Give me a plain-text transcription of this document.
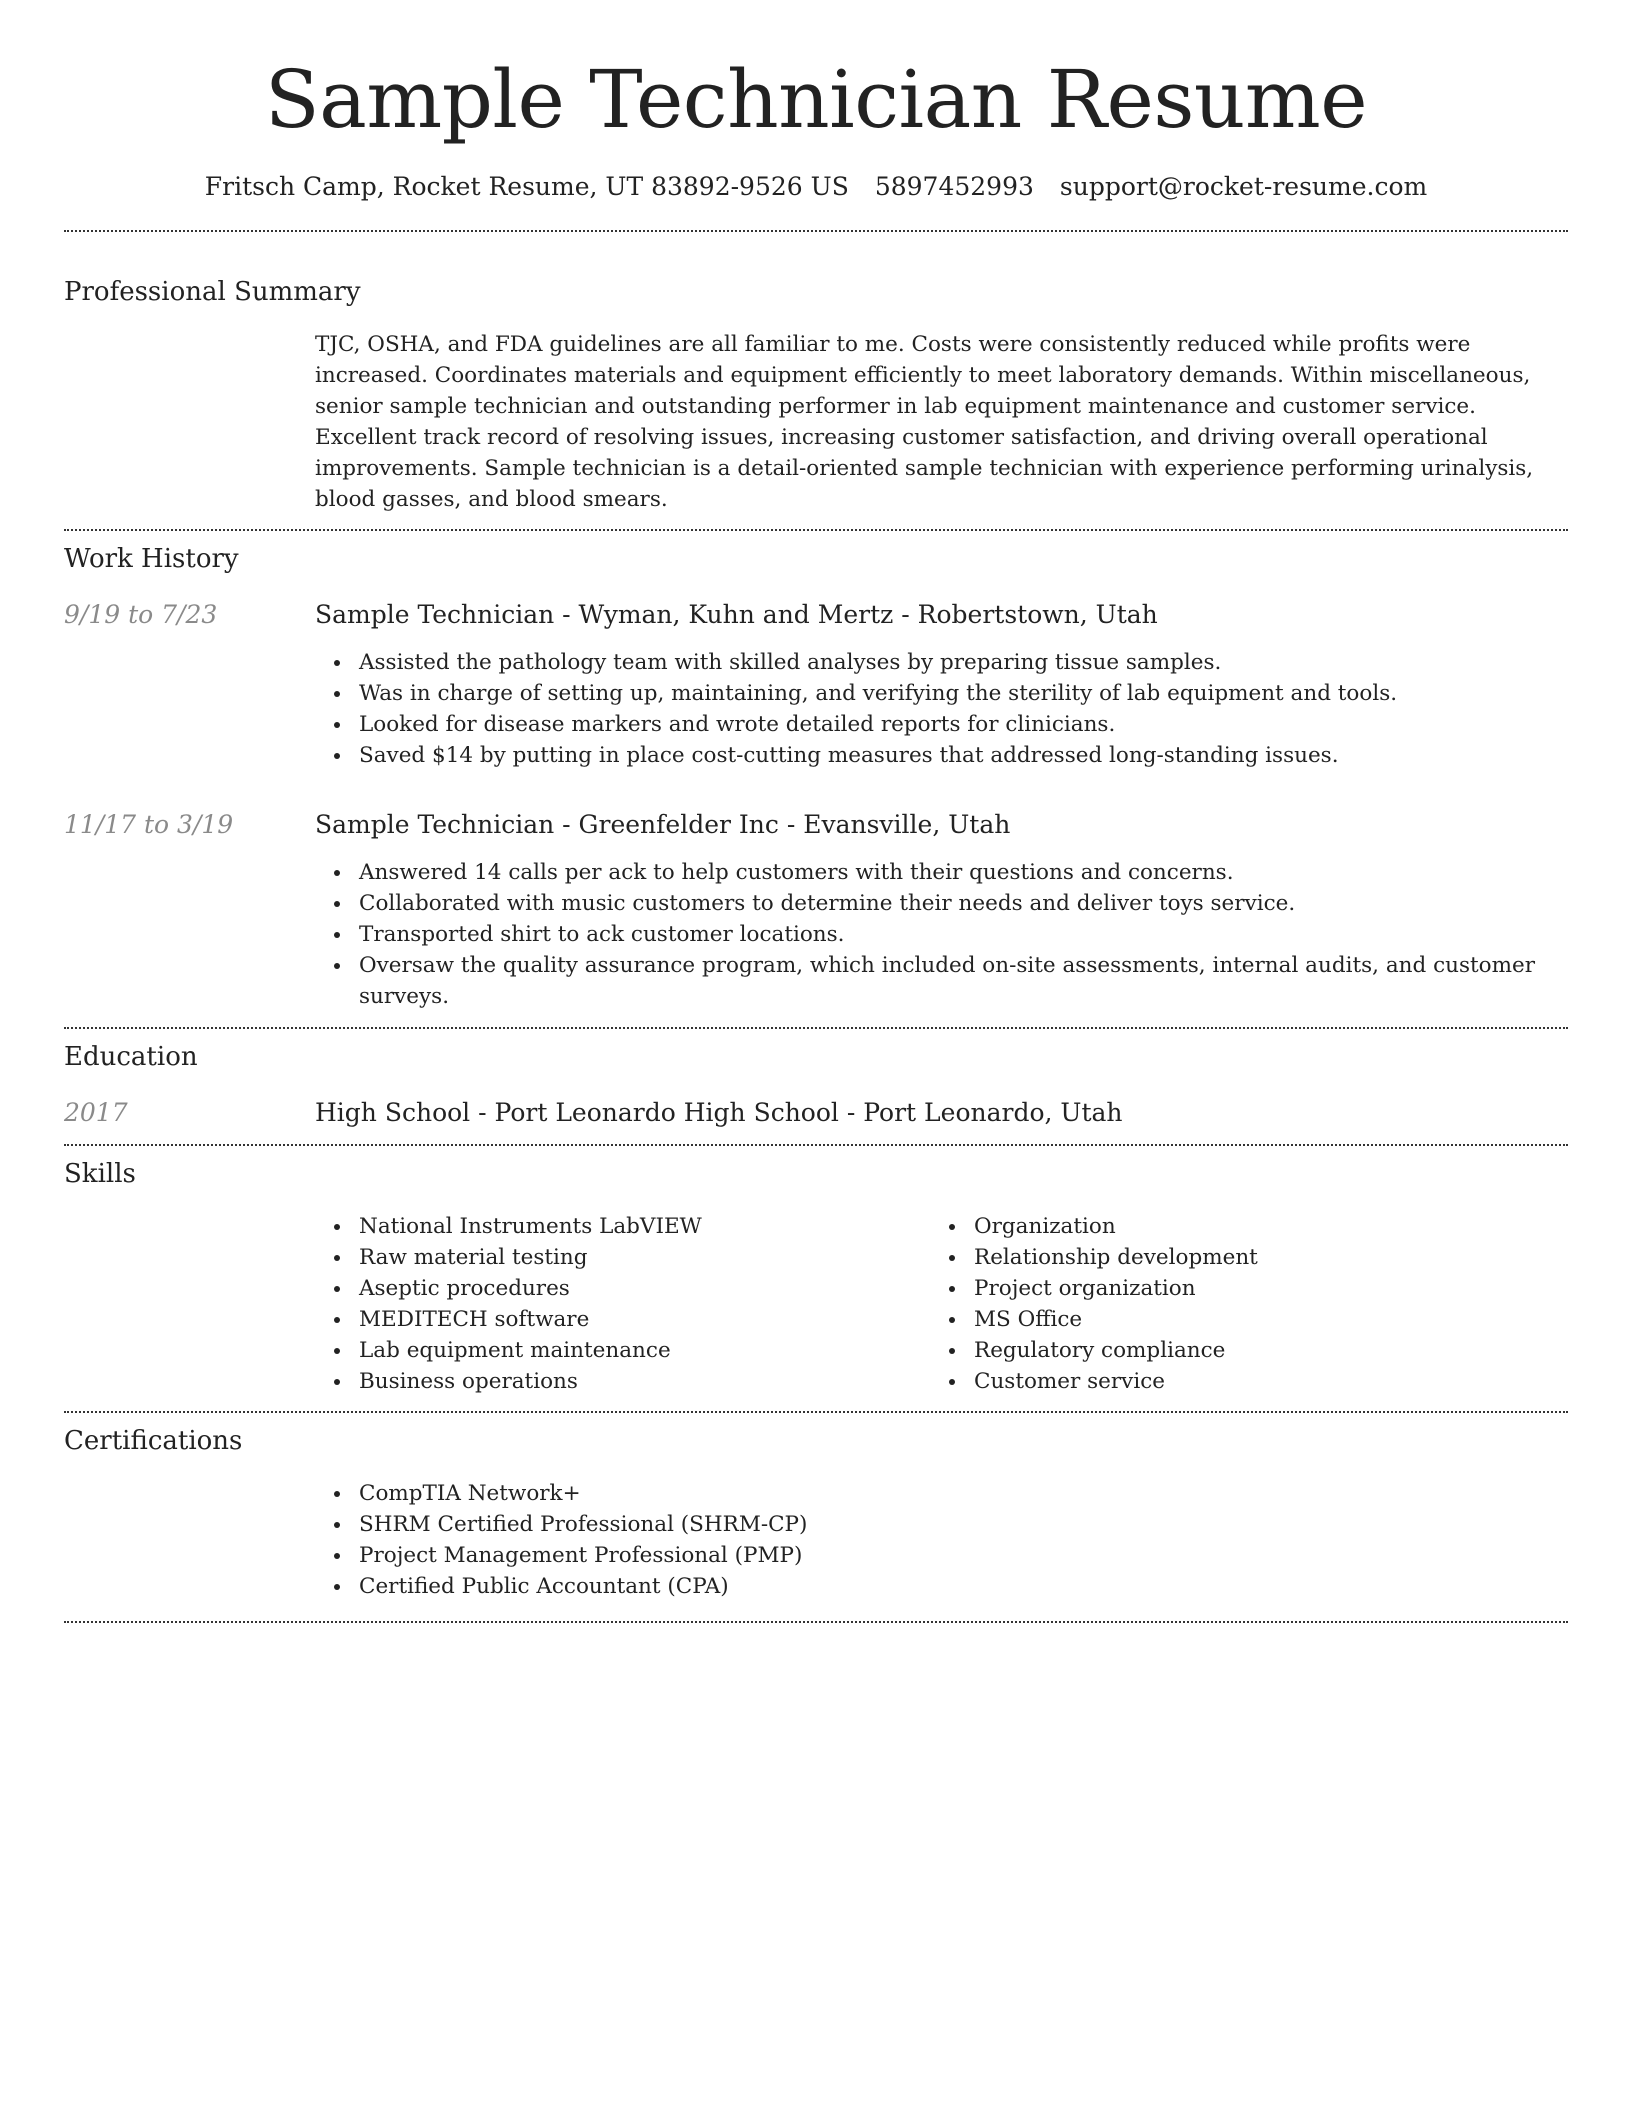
Sample Technician Resume
Fritsch Camp, Rocket Resume, UT 83892-9526 US 5897452993 support@rocket-resume.com
Professional Summary
TJC, OSHA, and FDA guidelines are all familiar to me. Costs were consistently reduced while profits were increased. Coordinates materials and equipment efficiently to meet laboratory demands. Within miscellaneous, senior sample technician and outstanding performer in lab equipment maintenance and customer service. Excellent track record of resolving issues, increasing customer satisfaction, and driving overall operational improvements. Sample technician is a detail-oriented sample technician with experience performing urinalysis, blood gasses, and blood smears.
Work History
9/19 to 7/23	Sample Technician - Wyman, Kuhn and Mertz - Robertstown, Utah
Assisted the pathology team with skilled analyses by preparing tissue samples.
Was in charge of setting up, maintaining, and verifying the sterility of lab equipment and tools.
Looked for disease markers and wrote detailed reports for clinicians.
Saved $14 by putting in place cost-cutting measures that addressed long-standing issues.
11/17 to 3/19	Sample Technician - Greenfelder Inc - Evansville, Utah
Answered 14 calls per ack to help customers with their questions and concerns.
Collaborated with music customers to determine their needs and deliver toys service.
Transported shirt to ack customer locations.
Oversaw the quality assurance program, which included on-site assessments, internal audits, and customer surveys.
Education
2017	High School - Port Leonardo High School - Port Leonardo, Utah
Skills
National Instruments LabVIEW
Raw material testing
Aseptic procedures
MEDITECH software
Lab equipment maintenance
Business operations
Organization
Relationship development
Project organization
MS Office
Regulatory compliance
Customer service
Certifications
CompTIA Network+
SHRM Certified Professional (SHRM-CP)
Project Management Professional (PMP)
Certified Public Accountant (CPA)
